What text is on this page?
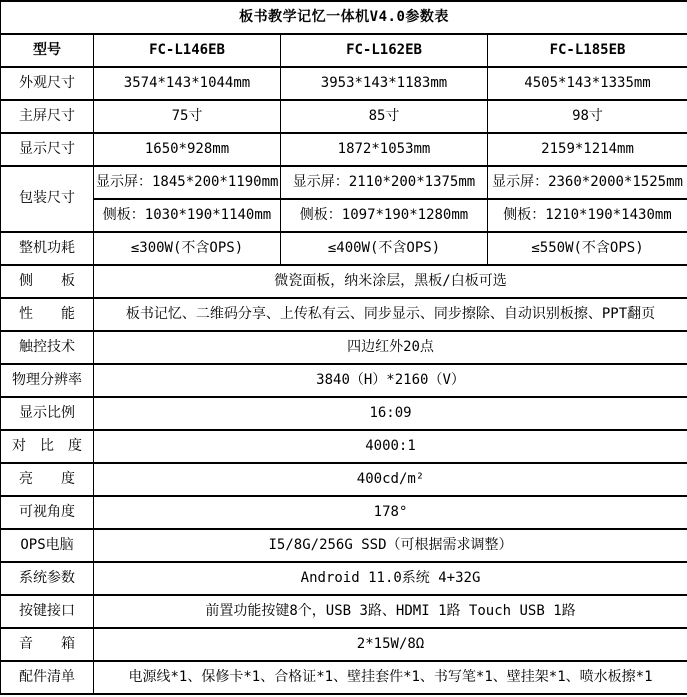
板书教学记忆一体机V4.0参数表			
型号	FC-L146EB	FC-L162EB	FC-L185EB
外观尺寸	3574*143*1044mm	3953*143*1183mm	4505*143*1335mm
主屏尺寸	75寸	85寸	98寸
显示尺寸	1650*928mm	1872*1053mm	2159*1214mm
包装尺寸	显示屏：1845*200*1190mm	显示屏：2110*200*1375mm	显示屏：2360*2000*1525mm
	侧板：1030*190*1140mm	侧板：1097*190*1280mm	侧板：1210*190*1430mm
整机功耗	≤300W(不含OPS)	≤400W(不含OPS)	≤550W(不含OPS)
侧　　板	微瓷面板，纳米涂层，黑板/白板可选		
性　　能	板书记忆、二维码分享、上传私有云、同步显示、同步擦除、自动识别板擦、PPT翻页		
触控技术	四边红外20点		
物理分辨率	3840（H）*2160（V）		
显示比例	16:09		
对　比　度	4000:1		
亮　　度	400cd/m²		
可视角度	178°		
OPS电脑	I5/8G/256G SSD（可根据需求调整）		
系统参数	Android 11.0系统 4+32G		
按键接口	前置功能按键8个，USB 3路、HDMI 1路 Touch USB 1路		
音　　箱	2*15W/8Ω		
配件清单	电源线*1、保修卡*1、合格证*1、壁挂套件*1、书写笔*1、壁挂架*1、喷水板擦*1		
